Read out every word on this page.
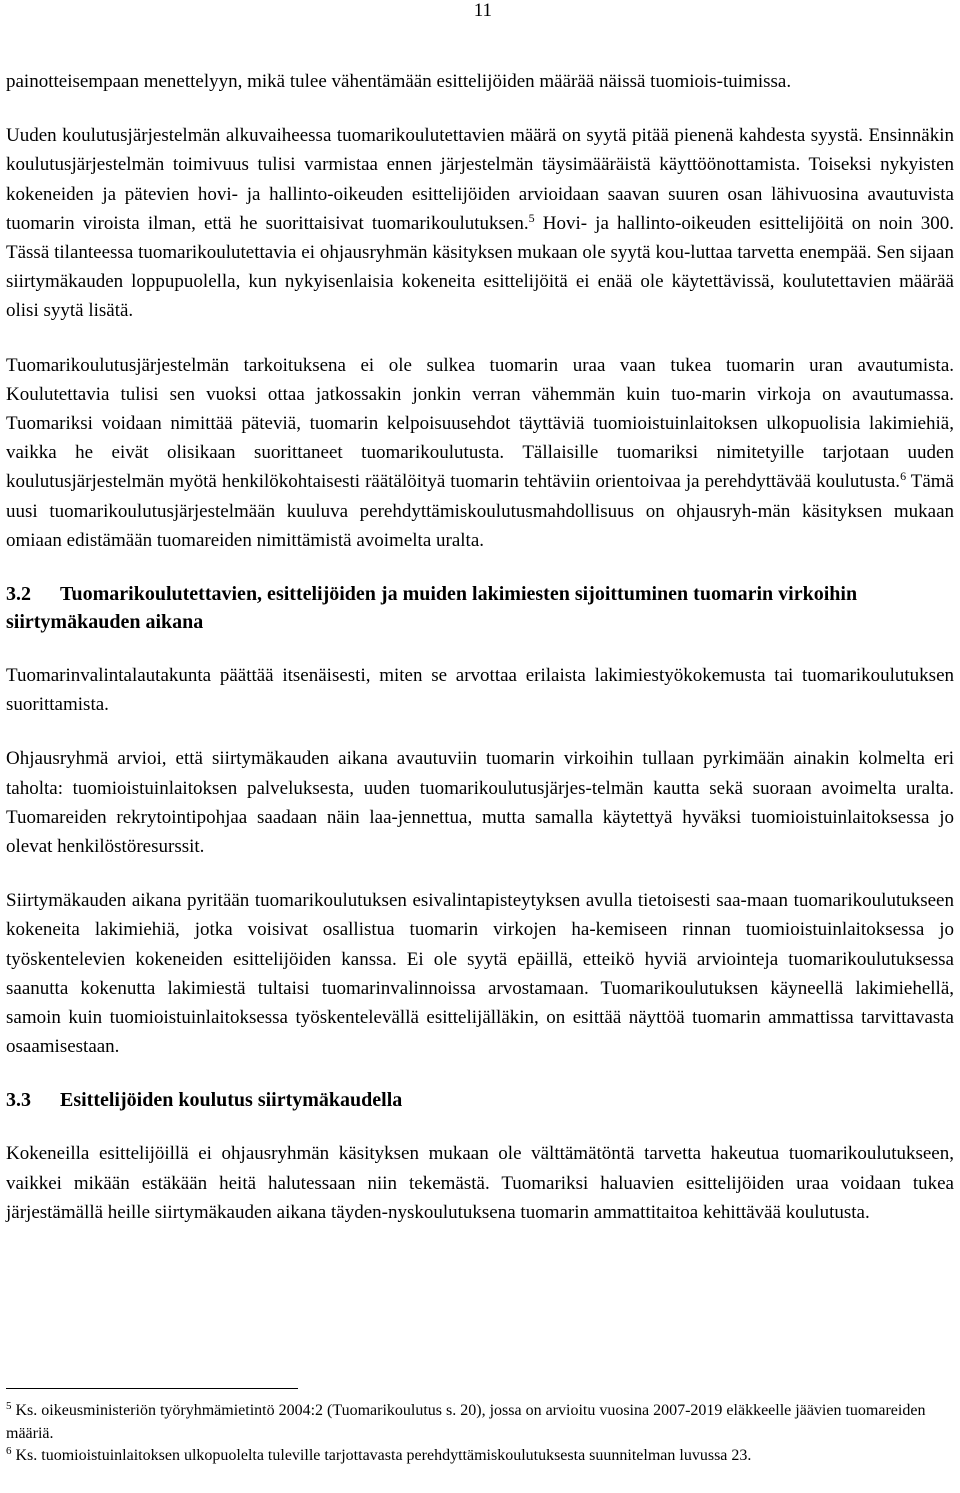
11

painotteisempaan menettelyyn, mikä tulee vähentämään esittelijöiden määrää näissä tuomiois-tuimissa.

Uuden koulutusjärjestelmän alkuvaiheessa tuomarikoulutettavien määrä on syytä pitää pienenä kahdesta syystä. Ensinnäkin koulutusjärjestelmän toimivuus tulisi varmistaa ennen järjestelmän täysimääräistä käyttöönottamista. Toiseksi nykyisten kokeneiden ja pätevien hovi- ja hallinto-oikeuden esittelijöiden arvioidaan saavan suuren osan lähivuosina avautuvista tuomarin viroista ilman, että he suorittaisivat tuomarikoulutuksen.$^5$ Hovi- ja hallinto-oikeuden esittelijöitä on noin 300. Tässä tilanteessa tuomarikoulutettavia ei ohjausryhmän käsityksen mukaan ole syytä kou-luttaa tarvetta enempää. Sen sijaan siirtymäkauden loppupuolella, kun nykyisenlaisia kokeneita esittelijöitä ei enää ole käytettävissä, koulutettavien määrää olisi syytä lisätä.

Tuomarikoulutusjärjestelmän tarkoituksena ei ole sulkea tuomarin uraa vaan tukea tuomarin uran avautumista. Koulutettavia tulisi sen vuoksi ottaa jatkossakin jonkin verran vähemmän kuin tuo-marin virkoja on avautumassa. Tuomariksi voidaan nimittää päteviä, tuomarin kelpoisuusehdot täyttäviä tuomioistuinlaitoksen ulkopuolisia lakimiehiä, vaikka he eivät olisikaan suorittaneet tuomarikoulutusta. Tällaisille tuomariksi nimitetyille tarjotaan uuden koulutusjärjestelmän myötä henkilökohtaisesti räätälöityä tuomarin tehtäviin orientoivaa ja perehdyttävää koulutusta.$^6$ Tämä uusi tuomarikoulutusjärjestelmään kuuluva perehdyttämiskoulutusmahdollisuus on ohjausryh-män käsityksen mukaan omiaan edistämään tuomareiden nimittämistä avoimelta uralta.

3.2 Tuomarikoulutettavien, esittelijöiden ja muiden lakimiesten sijoittuminen tuomarin virkoihin siirtymäkauden aikana

Tuomarinvalintalautakunta päättää itsenäisesti, miten se arvottaa erilaista lakimiestyökokemusta tai tuomarikoulutuksen suorittamista.

Ohjausryhmä arvioi, että siirtymäkauden aikana avautuviin tuomarin virkoihin tullaan pyrkimään ainakin kolmelta eri taholta: tuomioistuinlaitoksen palveluksesta, uuden tuomarikoulutusjärjes-telmän kautta sekä suoraan avoimelta uralta. Tuomareiden rekrytointipohjaa saadaan näin laa-jennettua, mutta samalla käytettyä hyväksi tuomioistuinlaitoksessa jo olevat henkilöstöresurssit.

Siirtymäkauden aikana pyritään tuomarikoulutuksen esivalintapisteytyksen avulla tietoisesti saa-maan tuomarikoulutukseen kokeneita lakimiehiä, jotka voisivat osallistua tuomarin virkojen ha-kemiseen rinnan tuomioistuinlaitoksessa jo työskentelevien kokeneiden esittelijöiden kanssa. Ei ole syytä epäillä, etteikö hyviä arviointeja tuomarikoulutuksessa saanutta kokenutta lakimiestä tultaisi tuomarinvalinnoissa arvostamaan. Tuomarikoulutuksen käyneellä lakimiehellä, samoin kuin tuomioistuinlaitoksessa työskentelevällä esittelijälläkin, on esittää näyttöä tuomarin ammattissa tarvittavasta osaamisestaan.

3.3 Esittelijöiden koulutus siirtymäkaudella

Kokeneilla esittelijöillä ei ohjausryhmän käsityksen mukaan ole välttämätöntä tarvetta hakeutua tuomarikoulutukseen, vaikkei mikään estäkään heitä halutessaan niin tekemästä. Tuomariksi haluavien esittelijöiden uraa voidaan tukea järjestämällä heille siirtymäkauden aikana täyden-nyskoulutuksena tuomarin ammattitaitoa kehittävää koulutusta.

$^5$ Ks. oikeusministeriön työryhmämietintö 2004:2 (Tuomarikoulutus s. 20), jossa on arvioitu vuosina 2007-2019 eläkkeelle jäävien tuomareiden määriä.

$^6$ Ks. tuomioistuinlaitoksen ulkopuolelta tuleville tarjottavasta perehdyttämiskoulutuksesta suunnitelman luvussa 23.
